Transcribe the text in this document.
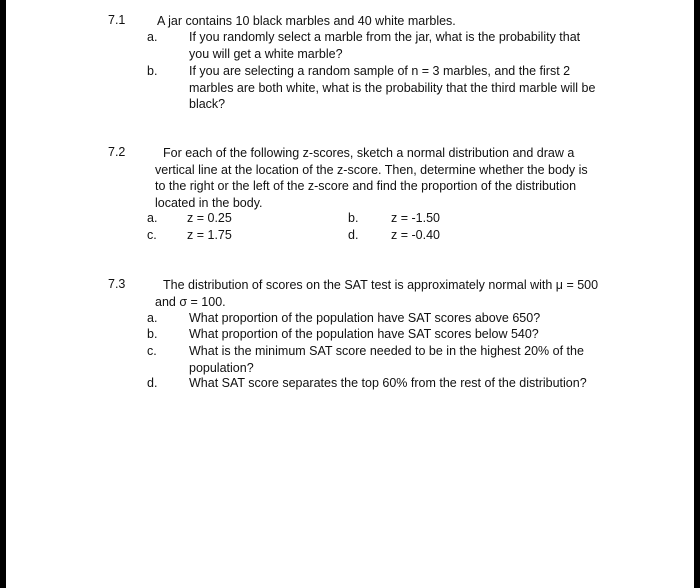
7.1	A jar contains 10 black marbles and 40 white marbles.
a.	If you randomly select a marble from the jar, what is the probability that you will get a white marble?
b.	If you are selecting a random sample of n = 3 marbles, and the first 2 marbles are both white, what is the probability that the third marble will be black?
7.2	For each of the following z-scores, sketch a normal distribution and draw a vertical line at the location of the z-score. Then, determine whether the body is to the right or the left of the z-score and find the proportion of the distribution located in the body.
a. z = 0.25	b.	z = -1.50
c. z = 1.75	d.	z = -0.40
7.3	The distribution of scores on the SAT test is approximately normal with μ = 500 and σ = 100.
a.	What proportion of the population have SAT scores above 650?
b.	What proportion of the population have SAT scores below 540?
c.	What is the minimum SAT score needed to be in the highest 20% of the population?
d.	What SAT score separates the top 60% from the rest of the distribution?
